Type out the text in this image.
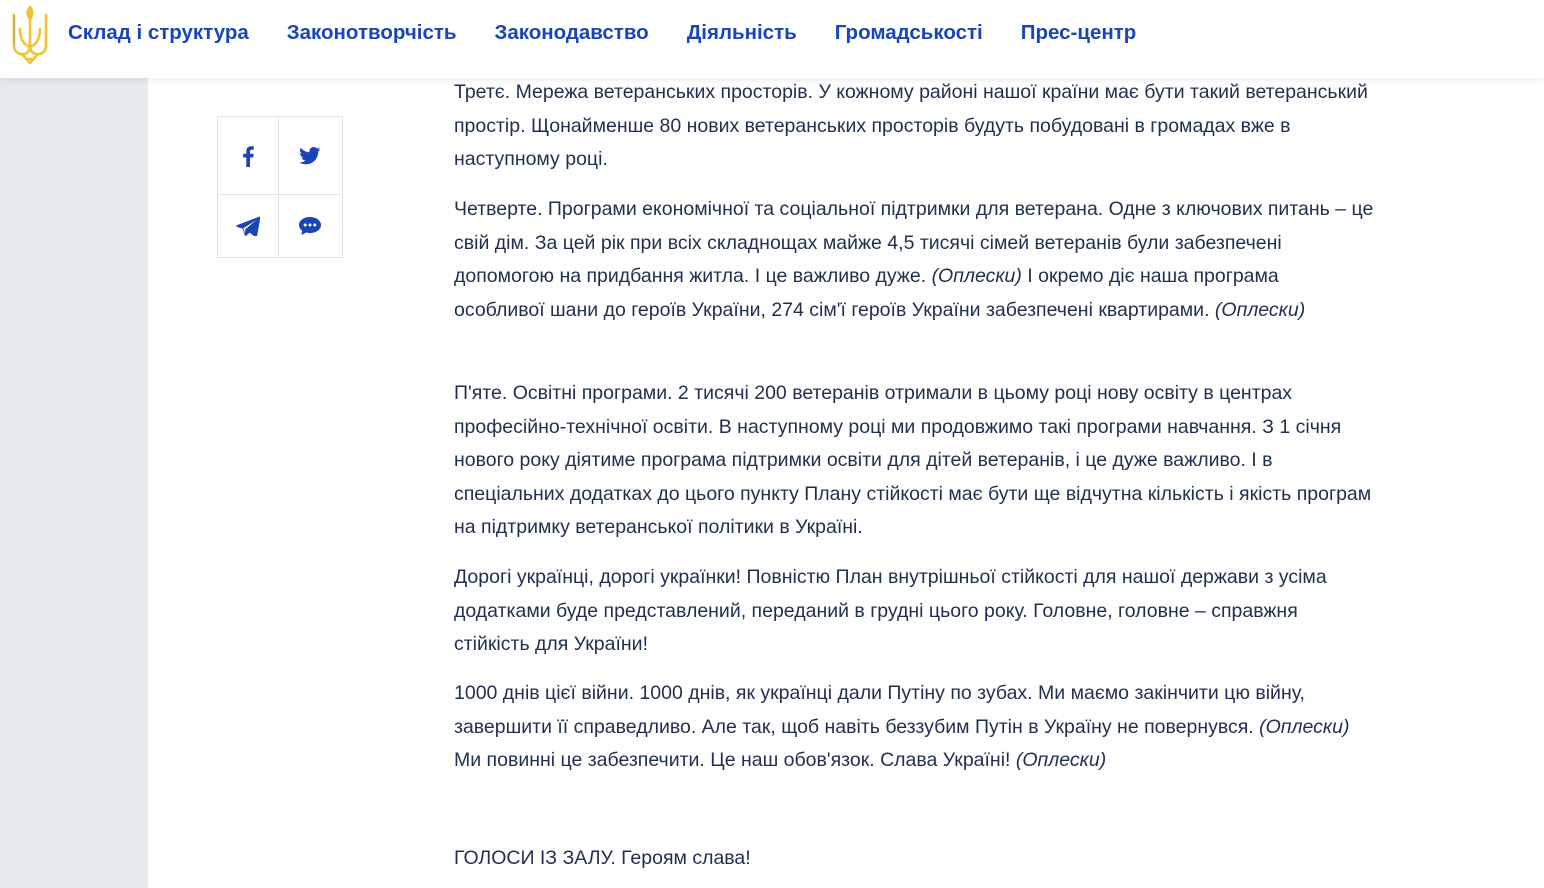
Склад і структура Законотворчість Законодавство Діяльність Громадськості Прес-центр

Третє. Мережа ветеранських просторів. У кожному районі нашої країни має бути такий ветеранський простір. Щонайменше 80 нових ветеранських просторів будуть побудовані в громадах вже в наступному році.

Четверте. Програми економічної та соціальної підтримки для ветерана. Одне з ключових питань – це свій дім. За цей рік при всіх складнощах майже 4,5 тисячі сімей ветеранів були забезпечені допомогою на придбання житла. І це важливо дуже. (Оплески) І окремо діє наша програма особливої шани до героїв України, 274 сім'ї героїв України забезпечені квартирами. (Оплески)

П'яте. Освітні програми. 2 тисячі 200 ветеранів отримали в цьому році нову освіту в центрах професійно-технічної освіти. В наступному році ми продовжимо такі програми навчання. З 1 січня нового року діятиме програма підтримки освіти для дітей ветеранів, і це дуже важливо. І в спеціальних додатках до цього пункту Плану стійкості має бути ще відчутна кількість і якість програм на підтримку ветеранської політики в Україні.

Дорогі українці, дорогі українки! Повністю План внутрішньої стійкості для нашої держави з усіма додатками буде представлений, переданий в грудні цього року. Головне, головне – справжня стійкість для України!

1000 днів цієї війни. 1000 днів, як українці дали Путіну по зубах. Ми маємо закінчити цю війну, завершити її справедливо. Але так, щоб навіть беззубим Путін в Україну не повернувся. (Оплески) Ми повинні це забезпечити. Це наш обов'язок. Слава Україні! (Оплески)

ГОЛОСИ ІЗ ЗАЛУ. Героям слава!
